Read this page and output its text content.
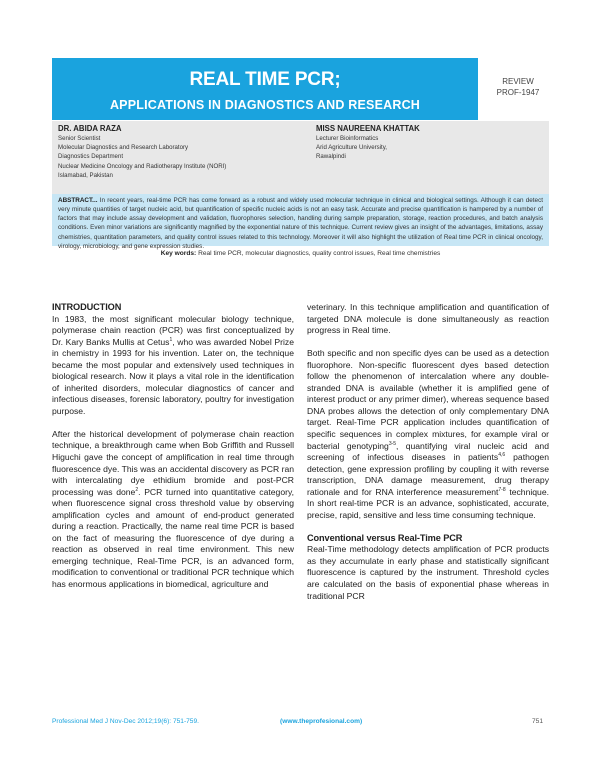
REAL TIME PCR;
APPLICATIONS IN DIAGNOSTICS AND RESEARCH
REVIEW
PROF-1947
DR. ABIDA RAZA
Senior Scientist
Molecular Diagnostics and Research Laboratory
Diagnostics Department
Nuclear Medicine Oncology and Radiotherapy Institute (NORI)
Islamabad, Pakistan
MISS NAUREENA KHATTAK
Lecturer Bioinformatics
Arid Agriculture University,
Rawalpindi
ABSTRACT... In recent years, real-time PCR has come forward as a robust and widely used molecular technique in clinical and biological settings. Although it can detect very minute quantities of target nucleic acid, but quantification of specific nucleic acids is not an easy task. Accurate and precise quantification is hampered by a number of factors that may include assay development and validation, fluorophores selection, handling during sample preparation, storage, reaction procedures, and batch analysis conditions. Even minor variations are significantly magnified by the exponential nature of this technique. Current review gives an insight of the advantages, limitations, assay chemistries, quantitation parameters, and quality control issues related to this technology. Moreover it will also highlight the utilization of Real time PCR in clinical oncology, virology, microbiology, and gene expression studies.
Key words: Real time PCR, molecular diagnostics, quality control issues, Real time chemistries
INTRODUCTION

In 1983, the most significant molecular biology technique, polymerase chain reaction (PCR) was first conceptualized by Dr. Kary Banks Mullis at Cetus$^1$, who was awarded Nobel Prize in chemistry in 1993 for his invention. Later on, the technique became the most popular and extensively used techniques in biological research. Now it plays a vital role in the identification of inherited disorders, molecular diagnostics of cancer and infectious diseases, forensic laboratory, poultry for investigation purpose.

After the historical development of polymerase chain reaction technique, a breakthrough came when Bob Griffith and Russell Higuchi gave the concept of amplification in real time through fluorescence dye. This was an accidental discovery as PCR ran with intercalating dye ethidium bromide and post-PCR processing was done$^2$. PCR turned into quantitative category, when fluorescence signal cross threshold value by observing amplification cycles and amount of end-product generated during a reaction. Practically, the name real time PCR is based on the fact of measuring the fluorescence of dye during a reaction as observed in real time environment. This new emerging technique, Real-Time PCR, is an advanced form, modification to conventional or traditional PCR technique which has enormous applications in biomedical, agriculture and

veterinary. In this technique amplification and quantification of targeted DNA molecule is done simultaneously as reaction progress in Real time.

Both specific and non specific dyes can be used as a detection fluorophore. Non-specific fluorescent dyes based detection follow the phenomenon of intercalation where any double-stranded DNA is available (whether it is amplified gene of interest product or any primer dimer), whereas sequence based DNA probes allows the detection of only complementary DNA target. Real-Time PCR application includes quantification of specific sequences in complex mixtures, for example viral or bacterial genotyping$^{3-5}$, quantifying viral nucleic acid and screening of infectious diseases in patients$^{4,6}$ pathogen detection, gene expression profiling by coupling it with reverse transcription, DNA damage measurement, drug therapy rationale and for RNA interference measurement$^{7-8}$ technique. In short real-time PCR is an advance, sophisticated, accurate, precise, rapid, sensitive and less time consuming technique.

Conventional versus Real-Time PCR

Real-Time methodology detects amplification of PCR products as they accumulate in early phase and statistically significant fluorescence is captured by the instrument. Threshold cycles are calculated on the basis of exponential phase whereas in traditional PCR

Professional Med J Nov-Dec 2012;19(6): 751-759.	(www.theprofesional.com)	751
